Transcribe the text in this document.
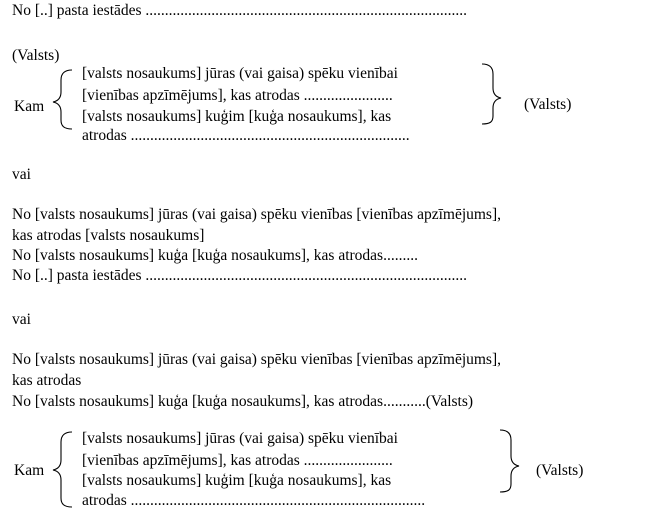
No [..] pasta iestādes ...................................................................................
(Valsts)
Kam
[valsts nosaukums] jūras (vai gaisa) spēku vienībai
[vienības apzīmējums], kas atrodas .......................
[valsts nosaukums] kuģim [kuģa nosaukums], kas
atrodas ........................................................................
(Valsts)
vai
No [valsts nosaukums] jūras (vai gaisa) spēku vienības [vienības apzīmējums],
kas atrodas [valsts nosaukums]
No [valsts nosaukums] kuģa [kuģa nosaukums], kas atrodas.........
No [..] pasta iestādes ...................................................................................
vai
No [valsts nosaukums] jūras (vai gaisa) spēku vienības [vienības apzīmējums],
kas atrodas
No [valsts nosaukums] kuģa [kuģa nosaukums], kas atrodas...........(Valsts)
Kam
[valsts nosaukums] jūras (vai gaisa) spēku vienībai
[vienības apzīmējums], kas atrodas .......................
[valsts nosaukums] kuģim [kuģa nosaukums], kas
atrodas ............................................................................
(Valsts)
